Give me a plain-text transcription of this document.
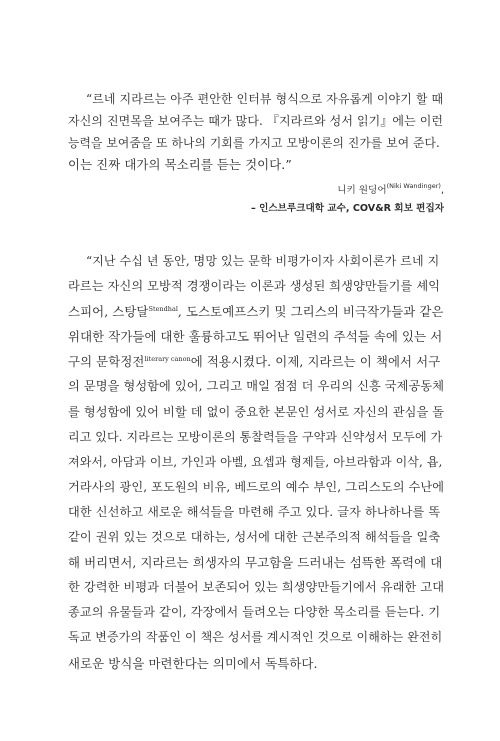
“르네 지라르는 아주 편안한 인터뷰 형식으로 자유롭게 이야기 할 때
자신의 진면목을 보여주는 때가 많다. 『지라르와 성서 읽기』에는 이런
능력을 보여줌을 또 하나의 기회를 가지고 모방이론의 진가를 보여 준다.
이는 진짜 대가의 목소리를 듣는 것이다.”
니키 원딩어$^{(Niki Wandinger)}$,
– 인스브루크대학 교수, COV&R 회보 편집자
“지난 수십 년 동안, 명망 있는 문학 비평가이자 사회이론가 르네 지
라르는 자신의 모방적 경쟁이라는 이론과 생성된 희생양만들기를 셰익
스피어, 스탕달$^{Stendhal}$, 도스토예프스키 및 그리스의 비극작가들과 같은
위대한 작가들에 대한 훌륭하고도 뛰어난 일련의 주석들 속에 있는 서
구의 문학정전$^{literary canon}$에 적용시켰다. 이제, 지라르는 이 책에서 서구
의 문명을 형성함에 있어, 그리고 매일 점점 더 우리의 신흥 국제공동체
를 형성함에 있어 비할 데 없이 중요한 본문인 성서로 자신의 관심을 돌
리고 있다. 지라르는 모방이론의 통찰력들을 구약과 신약성서 모두에 가
져와서, 아담과 이브, 가인과 아벨, 요셉과 형제들, 아브라함과 이삭, 욥,
거라사의 광인, 포도원의 비유, 베드로의 예수 부인, 그리스도의 수난에
대한 신선하고 새로운 해석들을 마련해 주고 있다. 글자 하나하나를 똑
같이 권위 있는 것으로 대하는, 성서에 대한 근본주의적 해석들을 일축
해 버리면서, 지라르는 희생자의 무고함을 드러내는 섬뜩한 폭력에 대
한 강력한 비평과 더불어 보존되어 있는 희생양만들기에서 유래한 고대
종교의 유물들과 같이, 각장에서 들려오는 다양한 목소리를 듣는다. 기
독교 변증가의 작품인 이 책은 성서를 계시적인 것으로 이해하는 완전히
새로운 방식을 마련한다는 의미에서 독특하다.
